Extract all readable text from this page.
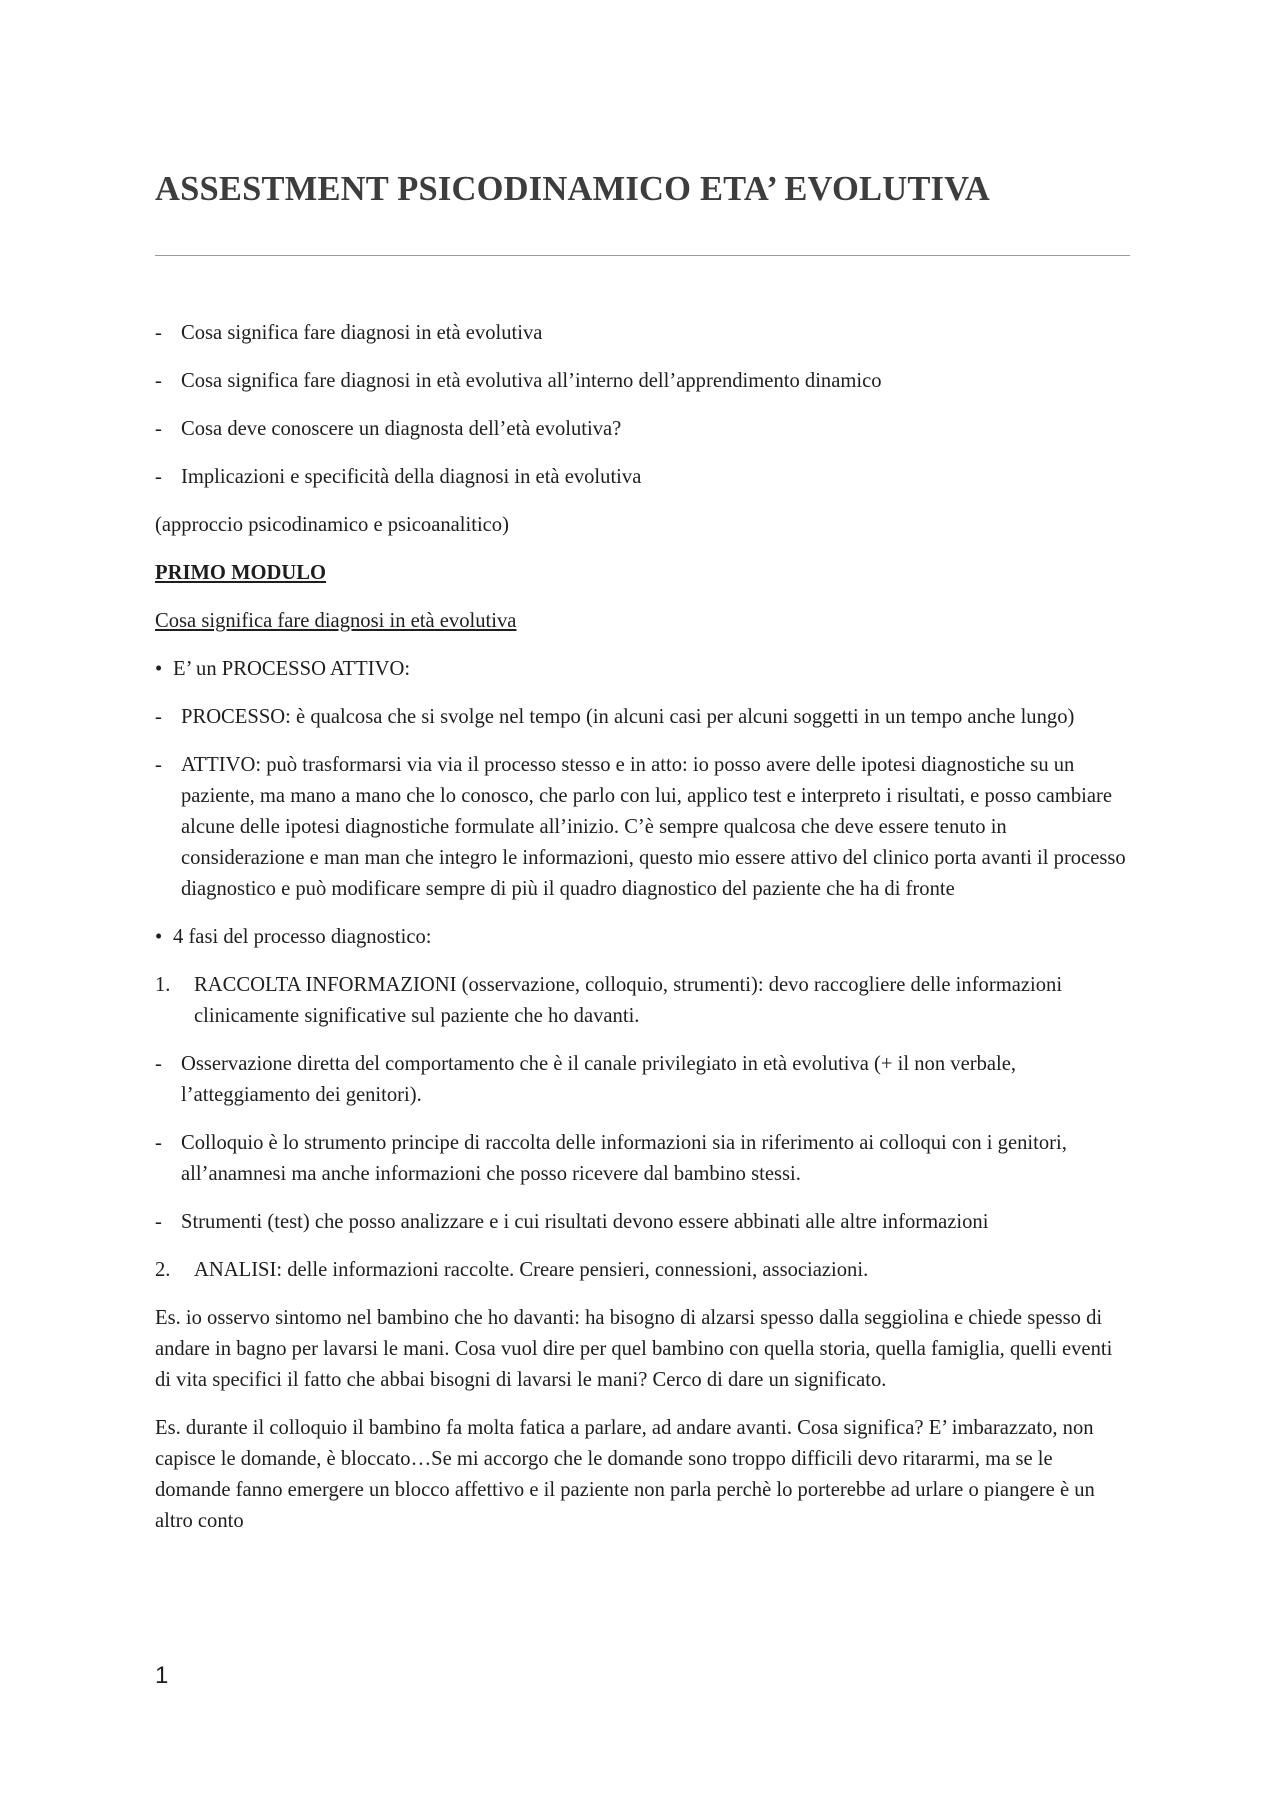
ASSESTMENT PSICODINAMICO ETA’ EVOLUTIVA
- Cosa significa fare diagnosi in età evolutiva
- Cosa significa fare diagnosi in età evolutiva all’interno dell’apprendimento dinamico
- Cosa deve conoscere un diagnosta dell’età evolutiva?
- Implicazioni e specificità della diagnosi in età evolutiva

(approccio psicodinamico e psicoanalitico)

PRIMO MODULO

Cosa significa fare diagnosi in età evolutiva

• E’ un PROCESSO ATTIVO:
- PROCESSO: è qualcosa che si svolge nel tempo (in alcuni casi per alcuni soggetti in un tempo anche lungo)
- ATTIVO: può trasformarsi via via il processo stesso e in atto: io posso avere delle ipotesi diagnostiche su un paziente, ma mano a mano che lo conosco, che parlo con lui, applico test e interpreto i risultati, e posso cambiare alcune delle ipotesi diagnostiche formulate all’inizio. C’è sempre qualcosa che deve essere tenuto in considerazione e man man che integro le informazioni, questo mio essere attivo del clinico porta avanti il processo diagnostico e può modificare sempre di più il quadro diagnostico del paziente che ha di fronte
• 4 fasi del processo diagnostico:
1. RACCOLTA INFORMAZIONI (osservazione, colloquio, strumenti): devo raccogliere delle informazioni clinicamente significative sul paziente che ho davanti.
- Osservazione diretta del comportamento che è il canale privilegiato in età evolutiva (+ il non verbale, l’atteggiamento dei genitori).
- Colloquio è lo strumento principe di raccolta delle informazioni sia in riferimento ai colloqui con i genitori, all’anamnesi ma anche informazioni che posso ricevere dal bambino stessi.
- Strumenti (test) che posso analizzare e i cui risultati devono essere abbinati alle altre informazioni
2. ANALISI: delle informazioni raccolte. Creare pensieri, connessioni, associazioni.

Es. io osservo sintomo nel bambino che ho davanti: ha bisogno di alzarsi spesso dalla seggiolina e chiede spesso di andare in bagno per lavarsi le mani. Cosa vuol dire per quel bambino con quella storia, quella famiglia, quelli eventi di vita specifici il fatto che abbai bisogni di lavarsi le mani? Cerco di dare un significato.

Es. durante il colloquio il bambino fa molta fatica a parlare, ad andare avanti. Cosa significa? E’ imbarazzato, non capisce le domande, è bloccato…Se mi accorgo che le domande sono troppo difficili devo ritararmi, ma se le domande fanno emergere un blocco affettivo e il paziente non parla perchè lo porterebbe ad urlare o piangere è un altro conto

1
